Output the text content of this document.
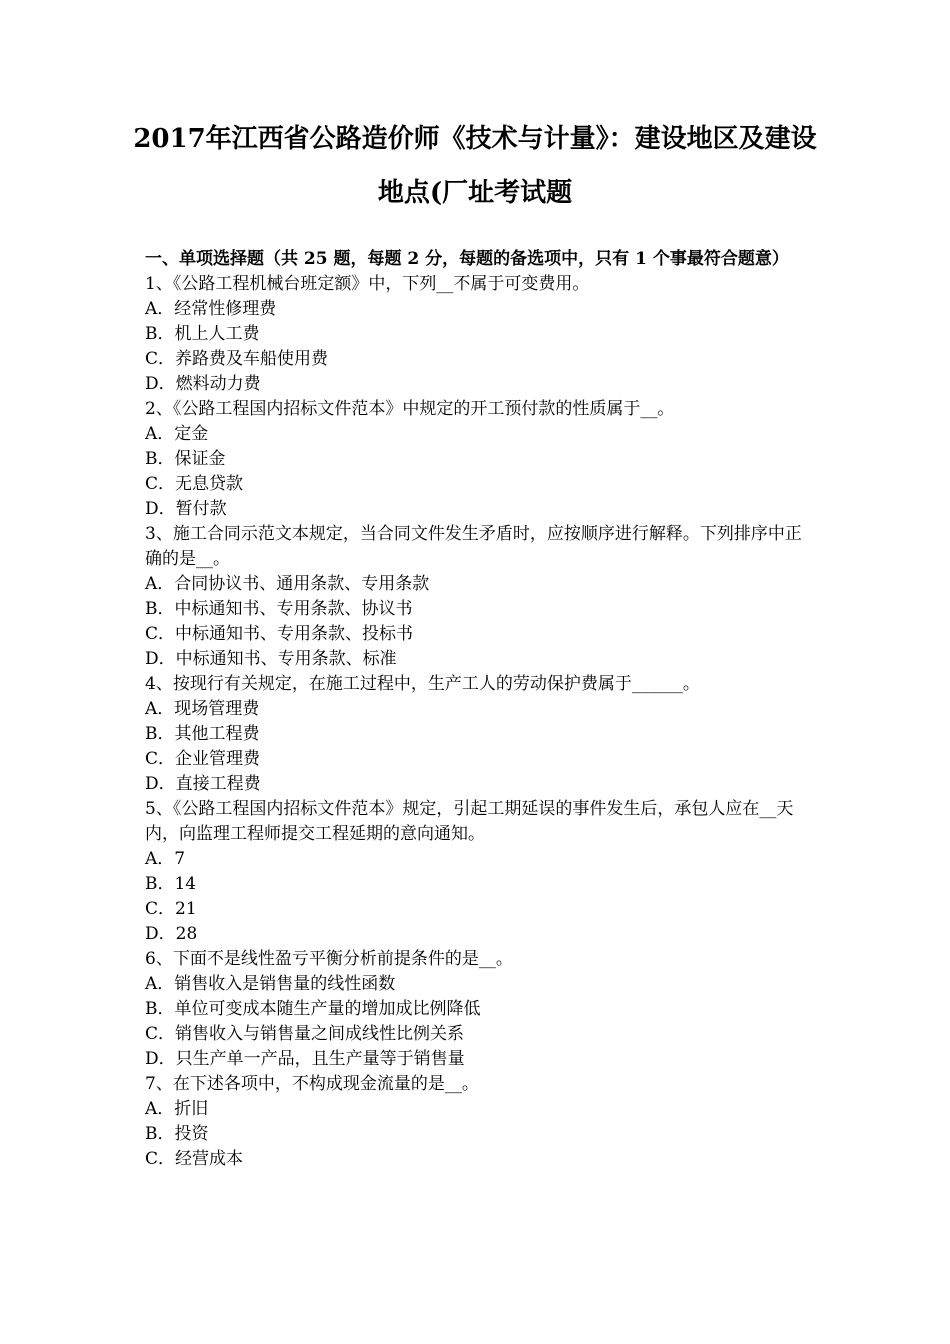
2017年江西省公路造价师《技术与计量》：建设地区及建设
地点(厂址考试题
一、单项选择题（共 25 题，每题 2 分，每题的备选项中，只有 1 个事最符合题意）
1、《公路工程机械台班定额》中，下列__不属于可变费用。
A．经常性修理费
B．机上人工费
C．养路费及车船使用费
D．燃料动力费
2、《公路工程国内招标文件范本》中规定的开工预付款的性质属于__。
A．定金
B．保证金
C．无息贷款
D．暂付款
3、施工合同示范文本规定，当合同文件发生矛盾时，应按顺序进行解释。下列排序中正确的是__。
A．合同协议书、通用条款、专用条款
B．中标通知书、专用条款、协议书
C．中标通知书、专用条款、投标书
D．中标通知书、专用条款、标准
4、按现行有关规定，在施工过程中，生产工人的劳动保护费属于______。
A．现场管理费
B．其他工程费
C．企业管理费
D．直接工程费
5、《公路工程国内招标文件范本》规定，引起工期延误的事件发生后，承包人应在__天内，向监理工程师提交工程延期的意向通知。
A．7
B．14
C．21
D．28
6、下面不是线性盈亏平衡分析前提条件的是__。
A．销售收入是销售量的线性函数
B．单位可变成本随生产量的增加成比例降低
C．销售收入与销售量之间成线性比例关系
D．只生产单一产品，且生产量等于销售量
7、在下述各项中，不构成现金流量的是__。
A．折旧
B．投资
C．经营成本
